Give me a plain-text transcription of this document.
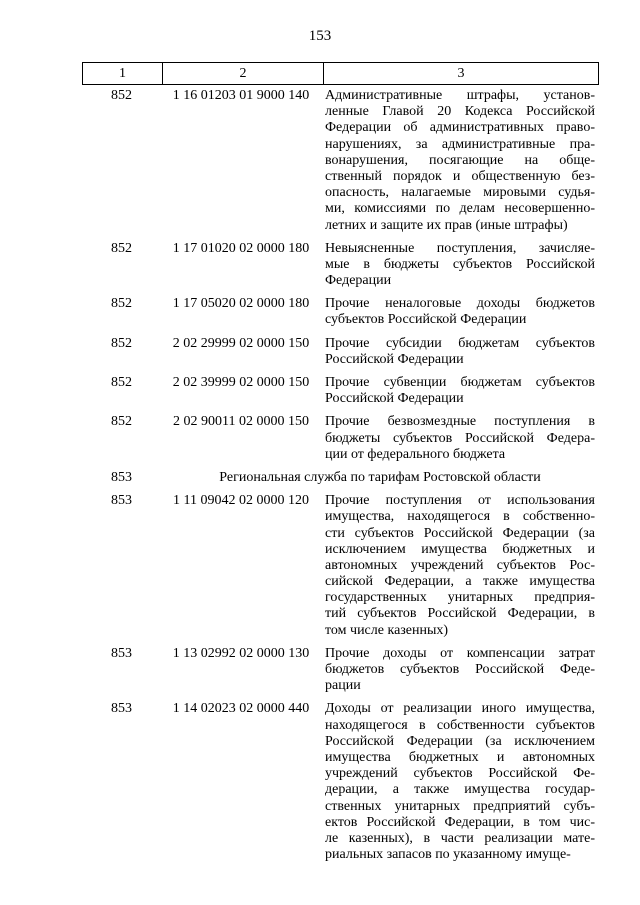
153
1	2	3
852	1 16 01203 01 9000 140	Административные штрафы, установ-
ленные Главой 20 Кодекса Российской
Федерации об административных право-
нарушениях, за административные пра-
вонарушения, посягающие на обще-
ственный порядок и общественную без-
опасность, налагаемые мировыми судья-
ми, комиссиями по делам несовершенно-
летних и защите их прав (иные штрафы)
852	1 17 01020 02 0000 180	Невыясненные поступления, зачисляе-
мые в бюджеты субъектов Российской
Федерации
852	1 17 05020 02 0000 180	Прочие неналоговые доходы бюджетов
субъектов Российской Федерации
852	2 02 29999 02 0000 150	Прочие субсидии бюджетам субъектов
Российской Федерации
852	2 02 39999 02 0000 150	Прочие субвенции бюджетам субъектов
Российской Федерации
852	2 02 90011 02 0000 150	Прочие безвозмездные поступления в
бюджеты субъектов Российской Федера-
ции от федерального бюджета
853	Региональная служба по тарифам Ростовской области
853	1 11 09042 02 0000 120	Прочие поступления от использования
имущества, находящегося в собственно-
сти субъектов Российской Федерации (за
исключением имущества бюджетных и
автономных учреждений субъектов Рос-
сийской Федерации, а также имущества
государственных унитарных предприя-
тий субъектов Российской Федерации, в
том числе казенных)
853	1 13 02992 02 0000 130	Прочие доходы от компенсации затрат
бюджетов субъектов Российской Феде-
рации
853	1 14 02023 02 0000 440	Доходы от реализации иного имущества,
находящегося в собственности субъектов
Российской Федерации (за исключением
имущества бюджетных и автономных
учреждений субъектов Российской Фе-
дерации, а также имущества государ-
ственных унитарных предприятий субъ-
ектов Российской Федерации, в том чис-
ле казенных), в части реализации мате-
риальных запасов по указанному имуще-
